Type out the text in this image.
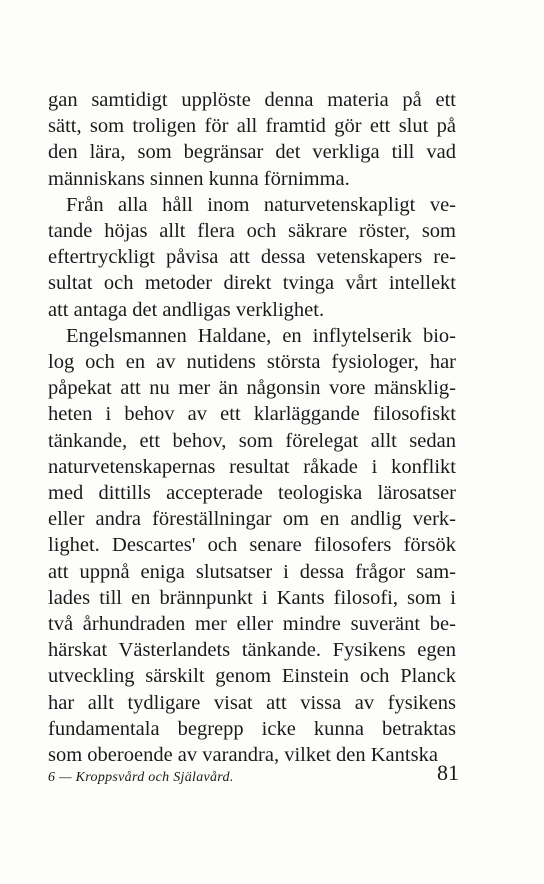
gan samtidigt upplöste denna materia på ett
sätt, som troligen för all framtid gör ett slut på
den lära, som begränsar det verkliga till vad
människans sinnen kunna förnimma.

Från alla håll inom naturvetenskapligt ve-
tande höjas allt flera och säkrare röster, som
eftertryckligt påvisa att dessa vetenskapers re-
sultat och metoder direkt tvinga vårt intellekt
att antaga det andligas verklighet.

Engelsmannen Haldane, en inflytelserik bio-
log och en av nutidens största fysiologer, har
påpekat att nu mer än någonsin vore mänsklig-
heten i behov av ett klarläggande filosofiskt
tänkande, ett behov, som förelegat allt sedan
naturvetenskapernas resultat råkade i konflikt
med dittills accepterade teologiska lärosatser
eller andra föreställningar om en andlig verk-
lighet. Descartes' och senare filosofers försök
att uppnå eniga slutsatser i dessa frågor sam-
lades till en brännpunkt i Kants filosofi, som i
två århundraden mer eller mindre suveränt be-
härskat Västerlandets tänkande. Fysikens egen
utveckling särskilt genom Einstein och Planck
har allt tydligare visat att vissa av fysikens
fundamentala begrepp icke kunna betraktas
som oberoende av varandra, vilket den Kantska

6 — Kroppsvård och Själavård.	81
